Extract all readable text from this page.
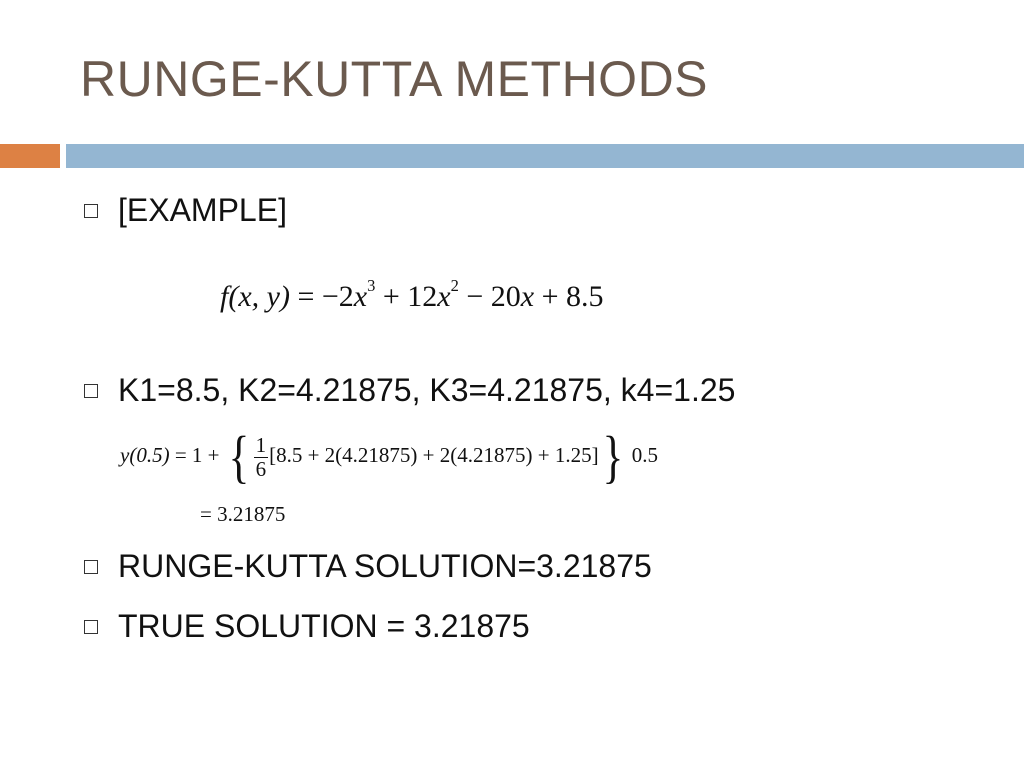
RUNGE-KUTTA METHODS
[EXAMPLE]
f(x, $y) = -2x^3 + 12x^2 - 20x + 8.5$
K1=8.5, K2=4.21875, K3=4.21875, k4=1.25
y(0.5) = 1 + { $\frac{1}{6} [8.5 + 2(4.21875) + 2(4.21875) + 1.25]$} 0.5
= 3.21875
RUNGE-KUTTA SOLUTION=3.21875
TRUE SOLUTION = 3.21875
